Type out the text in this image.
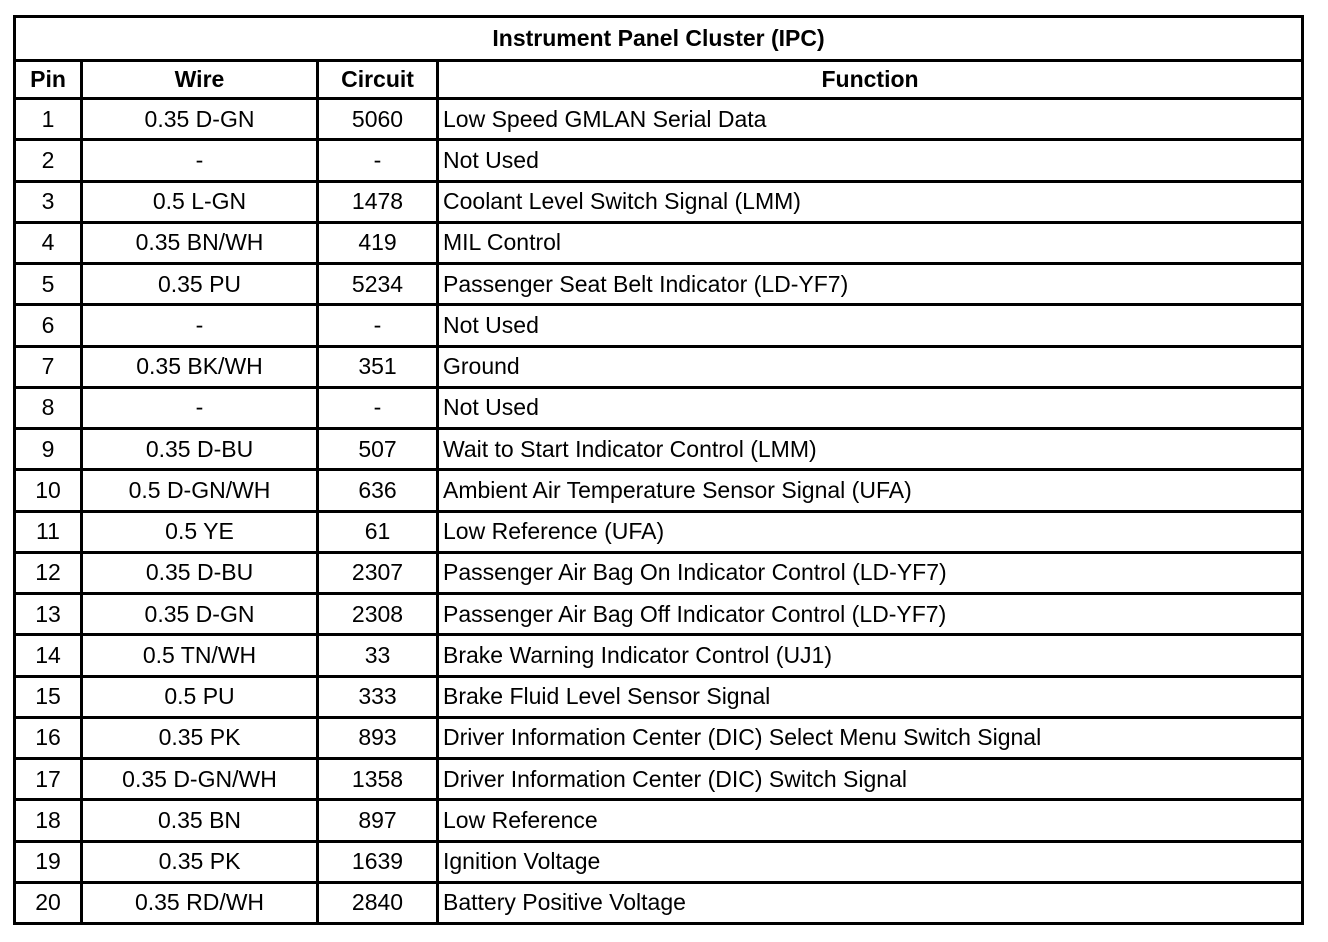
Instrument Panel Cluster (IPC)			
Pin	Wire	Circuit	Function
1	0.35 D-GN	5060	Low Speed GMLAN Serial Data
2	-	-	Not Used
3	0.5 L-GN	1478	Coolant Level Switch Signal (LMM)
4	0.35 BN/WH	419	MIL Control
5	0.35 PU	5234	Passenger Seat Belt Indicator (LD-YF7)
6	-	-	Not Used
7	0.35 BK/WH	351	Ground
8	-	-	Not Used
9	0.35 D-BU	507	Wait to Start Indicator Control (LMM)
10	0.5 D-GN/WH	636	Ambient Air Temperature Sensor Signal (UFA)
11	0.5 YE	61	Low Reference (UFA)
12	0.35 D-BU	2307	Passenger Air Bag On Indicator Control (LD-YF7)
13	0.35 D-GN	2308	Passenger Air Bag Off Indicator Control (LD-YF7)
14	0.5 TN/WH	33	Brake Warning Indicator Control (UJ1)
15	0.5 PU	333	Brake Fluid Level Sensor Signal
16	0.35 PK	893	Driver Information Center (DIC) Select Menu Switch Signal
17	0.35 D-GN/WH	1358	Driver Information Center (DIC) Switch Signal
18	0.35 BN	897	Low Reference
19	0.35 PK	1639	Ignition Voltage
20	0.35 RD/WH	2840	Battery Positive Voltage
